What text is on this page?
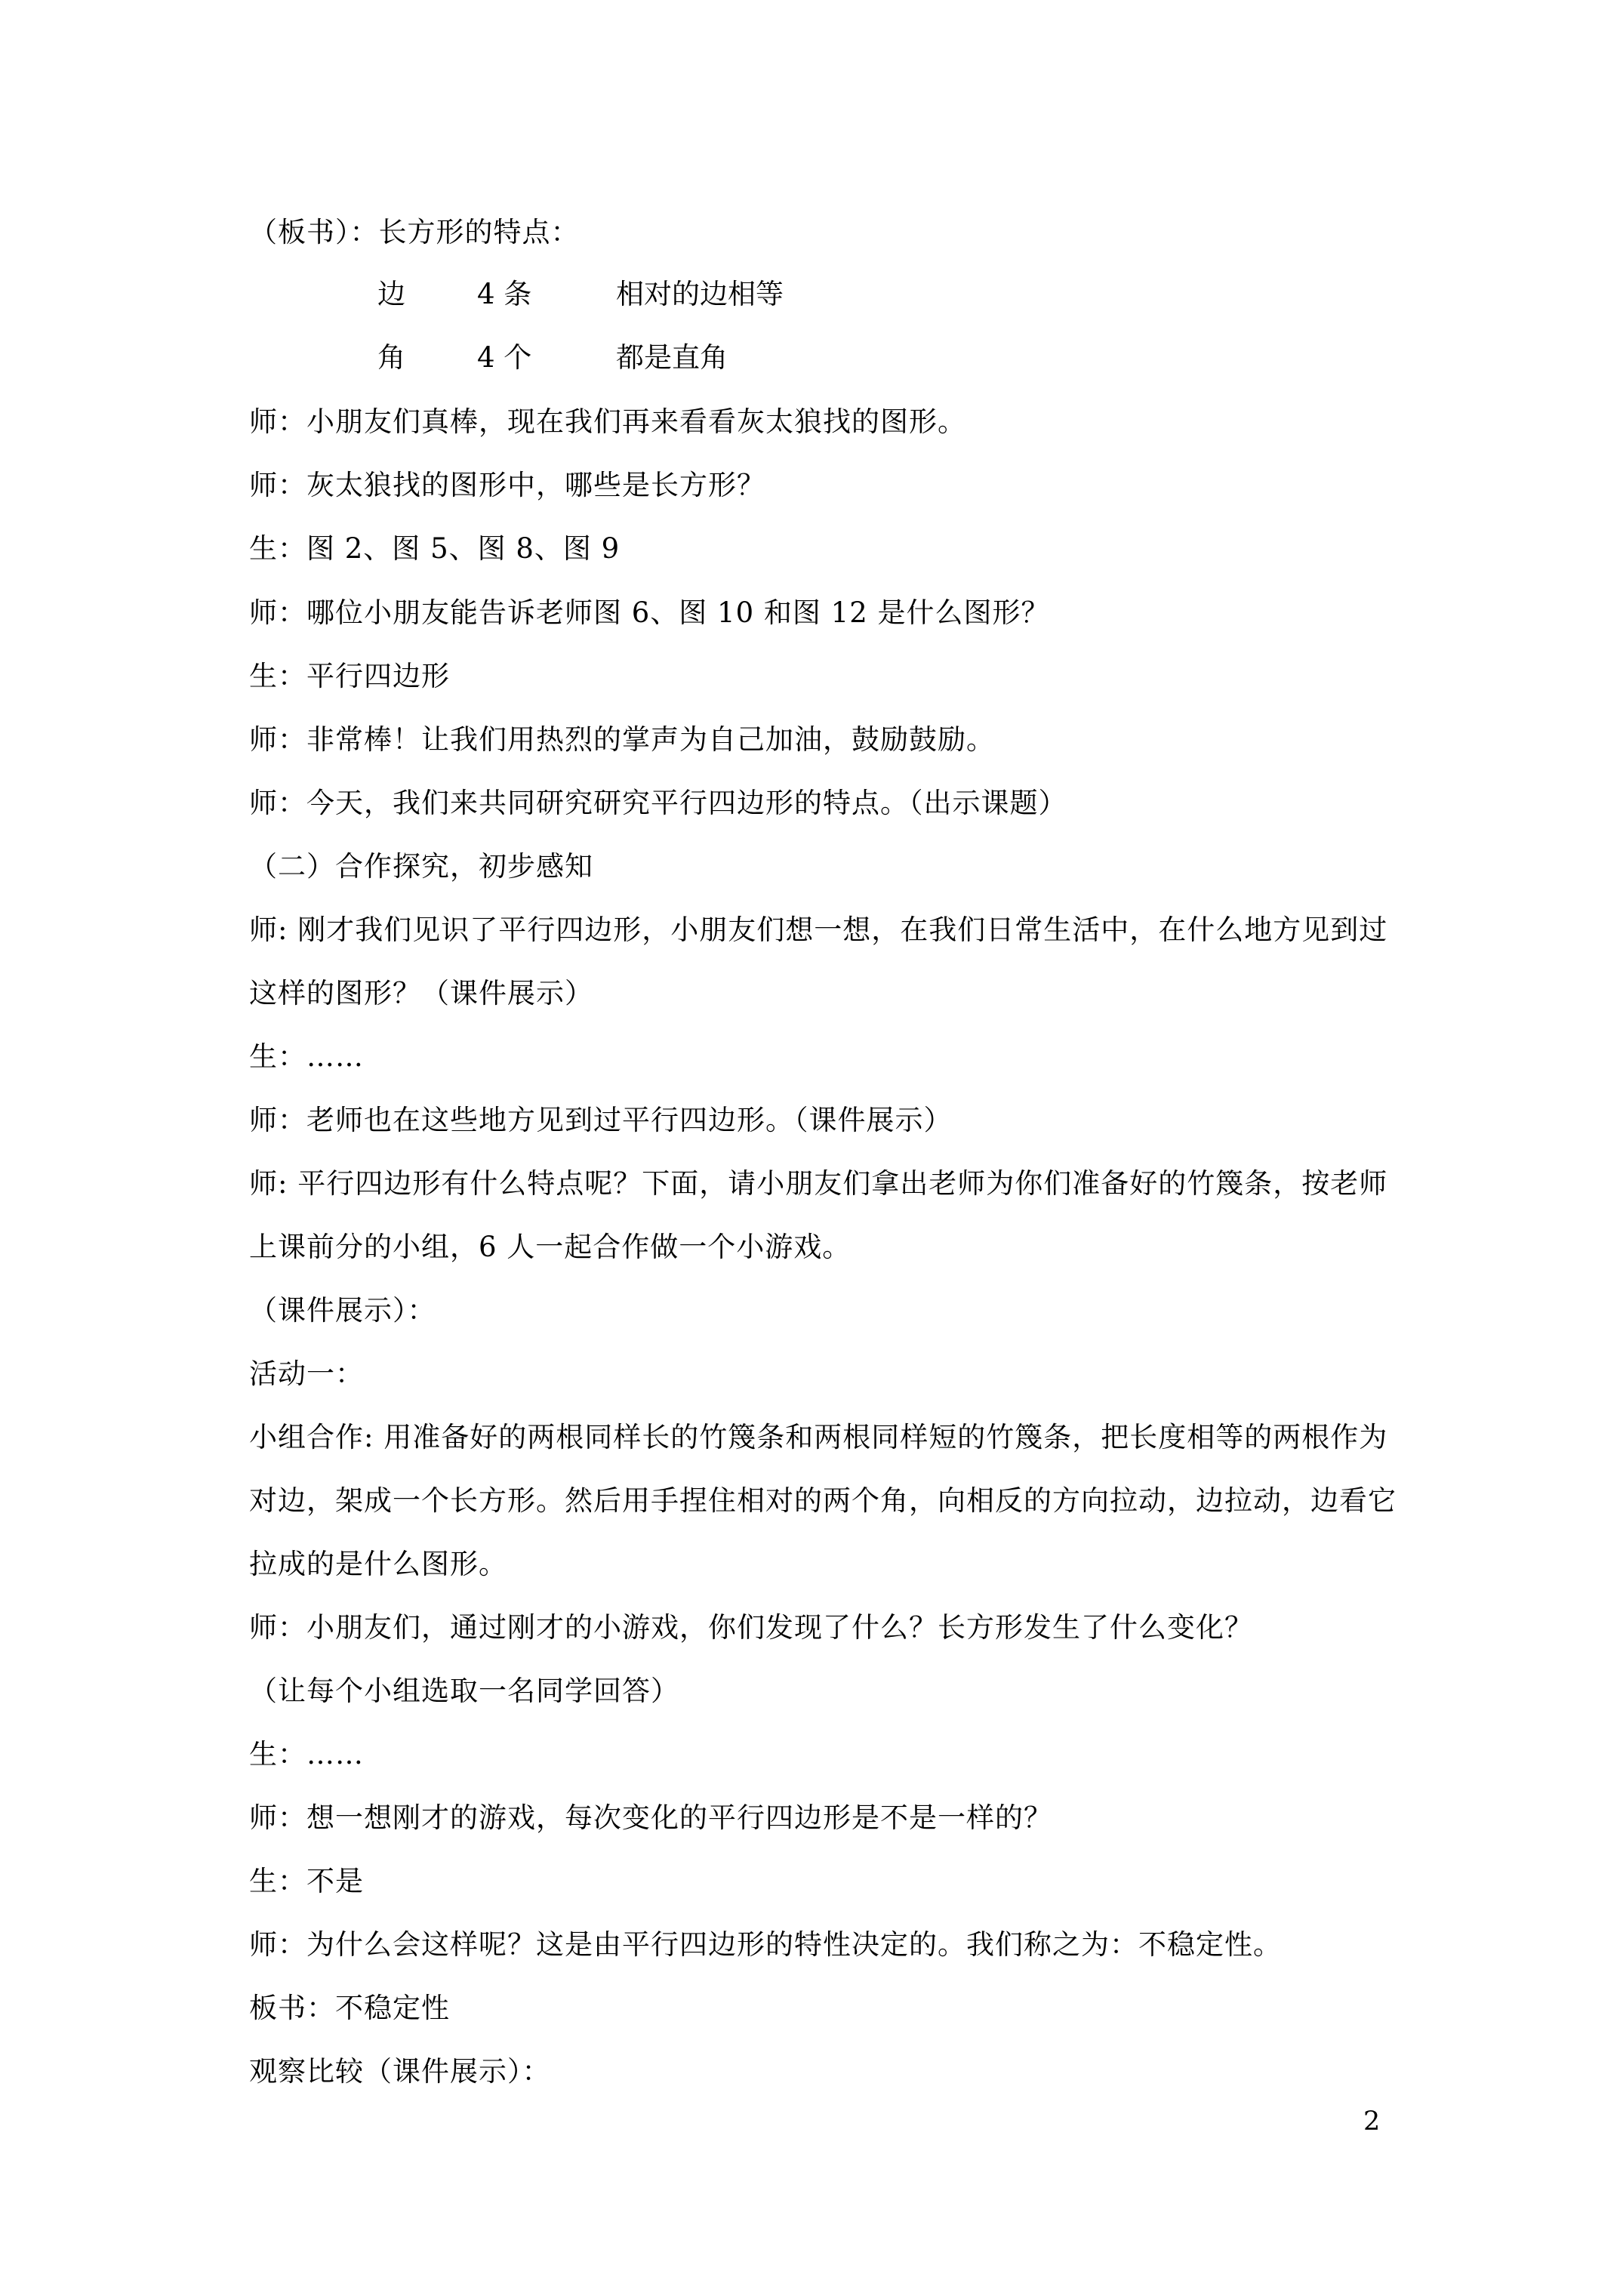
（板书）：长方形的特点：
边	4 条	相对的边相等
角	4 个	都是直角
师：小朋友们真棒，现在我们再来看看灰太狼找的图形。
师：灰太狼找的图形中，哪些是长方形？
生：图 2、图 5、图 8、图 9
师：哪位小朋友能告诉老师图 6、图 10 和图 12 是什么图形？
生：平行四边形
师：非常棒！让我们用热烈的掌声为自己加油，鼓励鼓励。
师：今天，我们来共同研究研究平行四边形的特点。（出示课题）
（二）合作探究，初步感知
师: 刚才我们见识了平行四边形，小朋友们想一想，在我们日常生活中，在什么地方见到过
这样的图形？（课件展示）
生：……
师：老师也在这些地方见到过平行四边形。（课件展示）
师: 平行四边形有什么特点呢？下面，请小朋友们拿出老师为你们准备好的竹篾条，按老师
上课前分的小组，6 人一起合作做一个小游戏。
（课件展示）：
活动一：
小组合作: 用准备好的两根同样长的竹篾条和两根同样短的竹篾条，把长度相等的两根作为
对边，架成一个长方形。然后用手捏住相对的两个角，向相反的方向拉动，边拉动，边看它
拉成的是什么图形。
师：小朋友们，通过刚才的小游戏，你们发现了什么？长方形发生了什么变化？
（让每个小组选取一名同学回答）
生：……
师：想一想刚才的游戏，每次变化的平行四边形是不是一样的？
生：不是
师：为什么会这样呢？这是由平行四边形的特性决定的。我们称之为：不稳定性。
板书：不稳定性
观察比较（课件展示）：
2
